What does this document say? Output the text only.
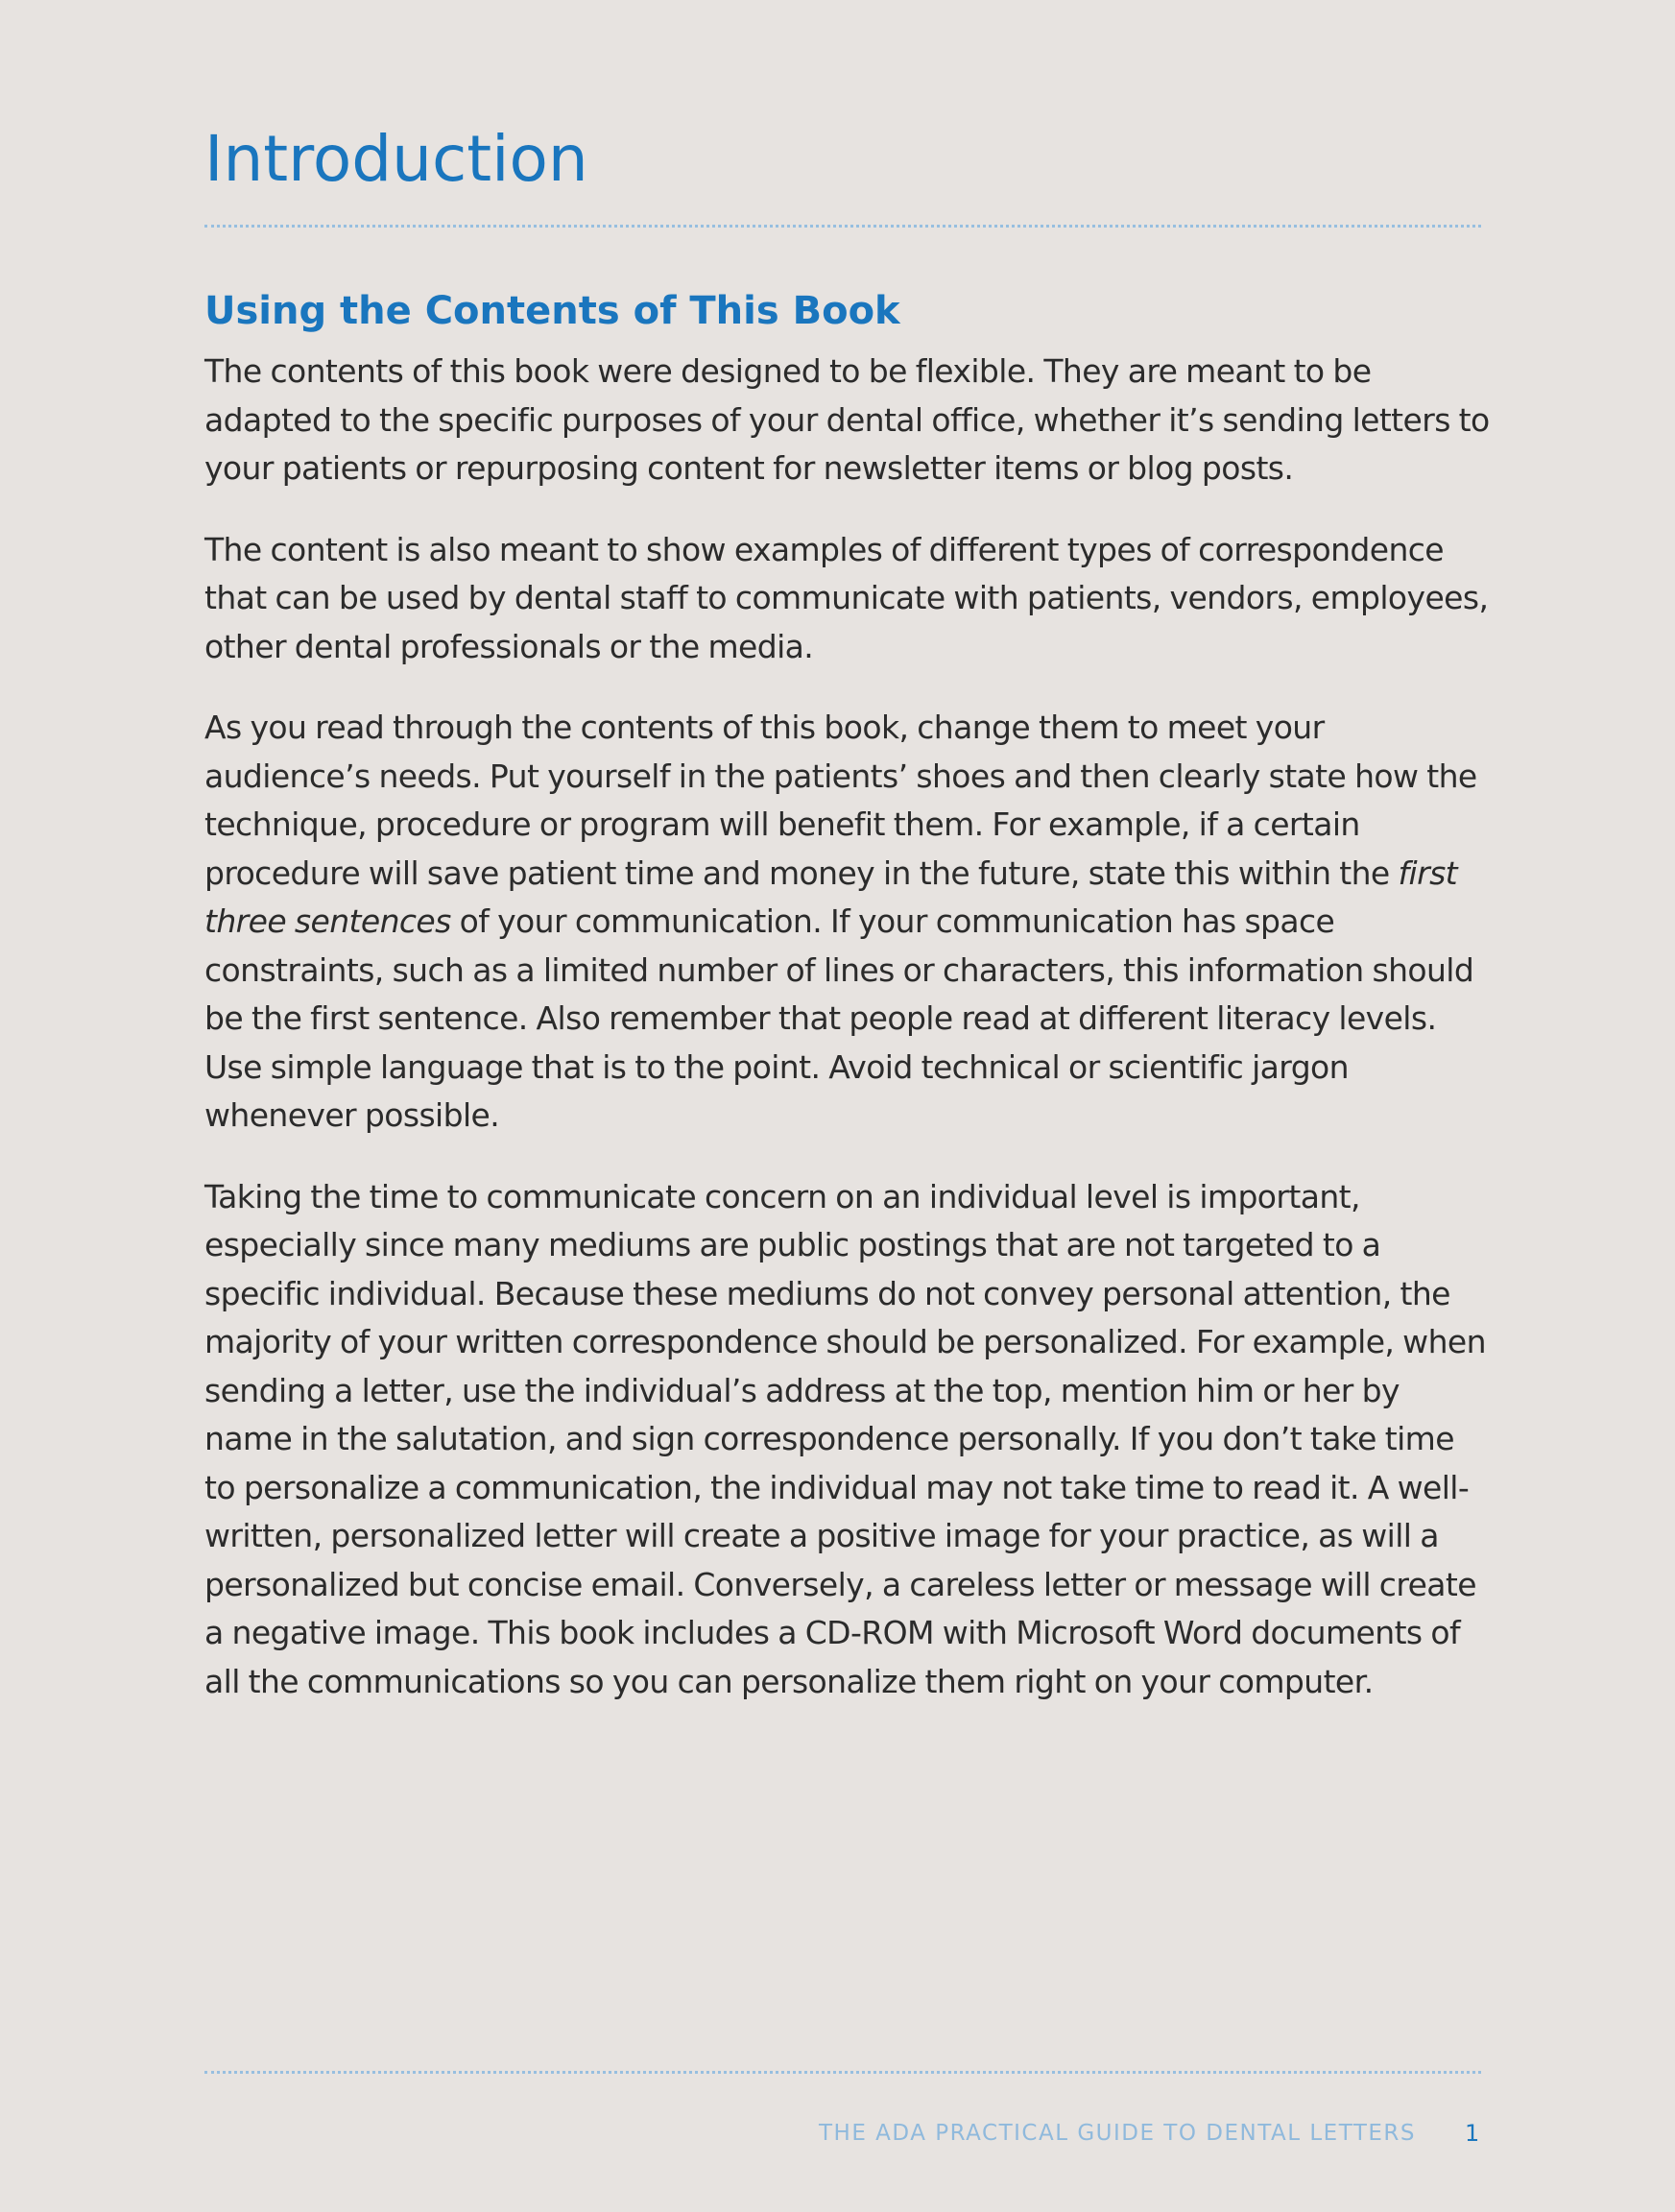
Introduction
Using the Contents of This Book

The contents of this book were designed to be flexible. They are meant to be adapted to the specific purposes of your dental office, whether it’s sending letters to your patients or repurposing content for newsletter items or blog posts.

The content is also meant to show examples of different types of correspondence that can be used by dental staff to communicate with patients, vendors, employees, other dental professionals or the media.

As you read through the contents of this book, change them to meet your audience’s needs. Put yourself in the patients’ shoes and then clearly state how the technique, procedure or program will benefit them. For example, if a certain procedure will save patient time and money in the future, state this within the first three sentences of your communication. If your communication has space constraints, such as a limited number of lines or characters, this information should be the first sentence. Also remember that people read at different literacy levels. Use simple language that is to the point. Avoid technical or scientific jargon whenever possible.

Taking the time to communicate concern on an individual level is important, especially since many mediums are public postings that are not targeted to a specific individual. Because these mediums do not convey personal attention, the majority of your written correspondence should be personalized. For example, when sending a letter, use the individual’s address at the top, mention him or her by name in the salutation, and sign correspondence personally. If you don’t take time to personalize a communication, the individual may not take time to read it. A well-written, personalized letter will create a positive image for your practice, as will a personalized but concise email. Conversely, a careless letter or message will create a negative image. This book includes a CD-ROM with Microsoft Word documents of all the communications so you can personalize them right on your computer.

THE ADA PRACTICAL GUIDE TO DENTAL LETTERS 1
